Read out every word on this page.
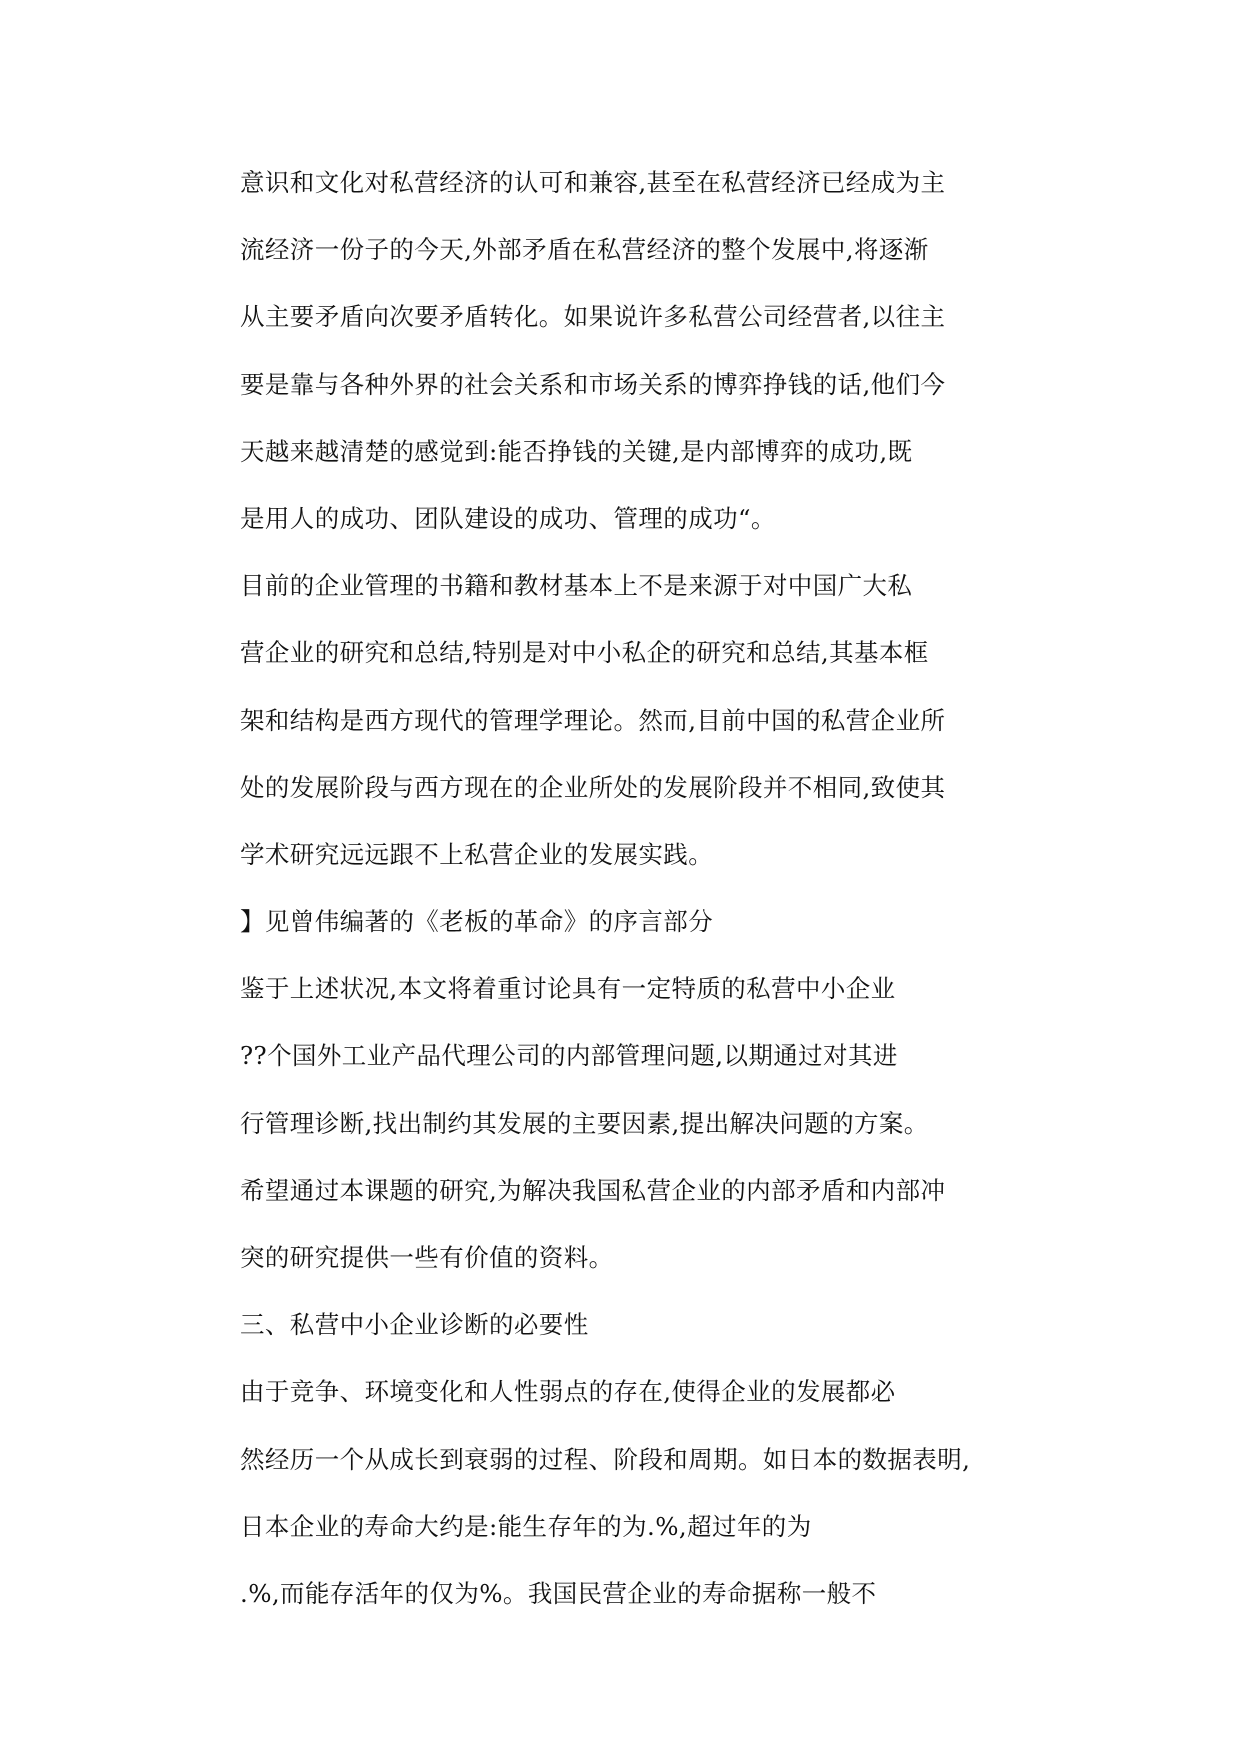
意识和文化对私营经济的认可和兼容,甚至在私营经济已经成为主
流经济一份子的今天,外部矛盾在私营经济的整个发展中,将逐渐
从主要矛盾向次要矛盾转化。如果说许多私营公司经营者,以往主
要是靠与各种外界的社会关系和市场关系的博弈挣钱的话,他们今
天越来越清楚的感觉到:能否挣钱的关键,是内部博弈的成功,既
是用人的成功、团队建设的成功、管理的成功“。
目前的企业管理的书籍和教材基本上不是来源于对中国广大私
营企业的研究和总结,特别是对中小私企的研究和总结,其基本框
架和结构是西方现代的管理学理论。然而,目前中国的私营企业所
处的发展阶段与西方现在的企业所处的发展阶段并不相同,致使其
学术研究远远跟不上私营企业的发展实践。
】见曾伟编著的《老板的革命》的序言部分
鉴于上述状况,本文将着重讨论具有一定特质的私营中小企业
??个国外工业产品代理公司的内部管理问题,以期通过对其进
行管理诊断,找出制约其发展的主要因素,提出解决问题的方案。
希望通过本课题的研究,为解决我国私营企业的内部矛盾和内部冲
突的研究提供一些有价值的资料。
三、私营中小企业诊断的必要性
由于竞争、环境变化和人性弱点的存在,使得企业的发展都必
然经历一个从成长到衰弱的过程、阶段和周期。如日本的数据表明,
日本企业的寿命大约是:能生存年的为.%,超过年的为
.%,而能存活年的仅为%。我国民营企业的寿命据称一般不
